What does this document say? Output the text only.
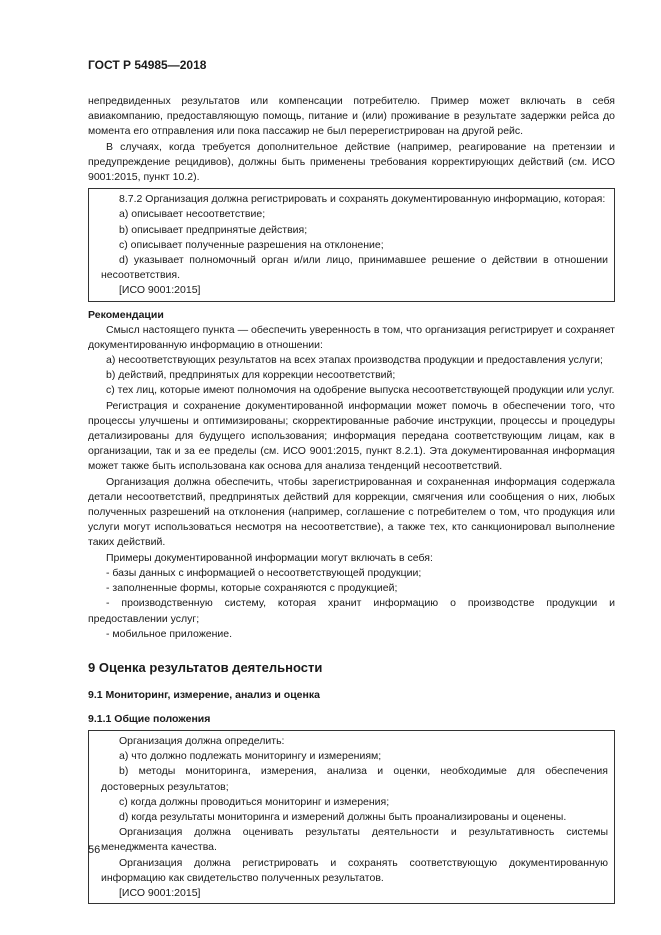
ГОСТ Р 54985—2018

непредвиденных результатов или компенсации потребителю. Пример может включать в себя авиакомпанию, предоставляющую помощь, питание и (или) проживание в результате задержки рейса до момента его отправления или пока пассажир не был перерегистрирован на другой рейс.

В случаях, когда требуется дополнительное действие (например, реагирование на претензии и предупреждение рецидивов), должны быть применены требования корректирующих действий (см. ИСО 9001:2015, пункт 10.2).

8.7.2 Организация должна регистрировать и сохранять документированную информацию, которая:

a) описывает несоответствие;

b) описывает предпринятые действия;

c) описывает полученные разрешения на отклонение;

d) указывает полномочный орган и/или лицо, принимавшее решение о действии в отношении несоответствия.

[ИСО 9001:2015]

Рекомендации

Смысл настоящего пункта — обеспечить уверенность в том, что организация регистрирует и сохраняет документированную информацию в отношении:

а) несоответствующих результатов на всех этапах производства продукции и предоставления услуги;

b) действий, предпринятых для коррекции несоответствий;

c) тех лиц, которые имеют полномочия на одобрение выпуска несоответствующей продукции или услуг.

Регистрация и сохранение документированной информации может помочь в обеспечении того, что процессы улучшены и оптимизированы; скорректированные рабочие инструкции, процессы и процедуры детализированы для будущего использования; информация передана соответствующим лицам, как в организации, так и за ее пределы (см. ИСО 9001:2015, пункт 8.2.1). Эта документированная информация может также быть использована как основа для анализа тенденций несоответствий.

Организация должна обеспечить, чтобы зарегистрированная и сохраненная информация содержала детали несоответствий, предпринятых действий для коррекции, смягчения или сообщения о них, любых полученных разрешений на отклонения (например, соглашение с потребителем о том, что продукция или услуги могут использоваться несмотря на несоответствие), а также тех, кто санкционировал выполнение таких действий.

Примеры документированной информации могут включать в себя:

- базы данных с информацией о несоответствующей продукции;

- заполненные формы, которые сохраняются с продукцией;

- производственную систему, которая хранит информацию о производстве продукции и предоставлении услуг;

- мобильное приложение.

9 Оценка результатов деятельности
9.1 Мониторинг, измерение, анализ и оценка
9.1.1 Общие положения

Организация должна определить:

а) что должно подлежать мониторингу и измерениям;

b) методы мониторинга, измерения, анализа и оценки, необходимые для обеспечения достоверных результатов;

c) когда должны проводиться мониторинг и измерения;

d) когда результаты мониторинга и измерений должны быть проанализированы и оценены.

Организация должна оценивать результаты деятельности и результативность системы менеджмента качества.

Организация должна регистрировать и сохранять соответствующую документированную информацию как свидетельство полученных результатов.

[ИСО 9001:2015]

56
